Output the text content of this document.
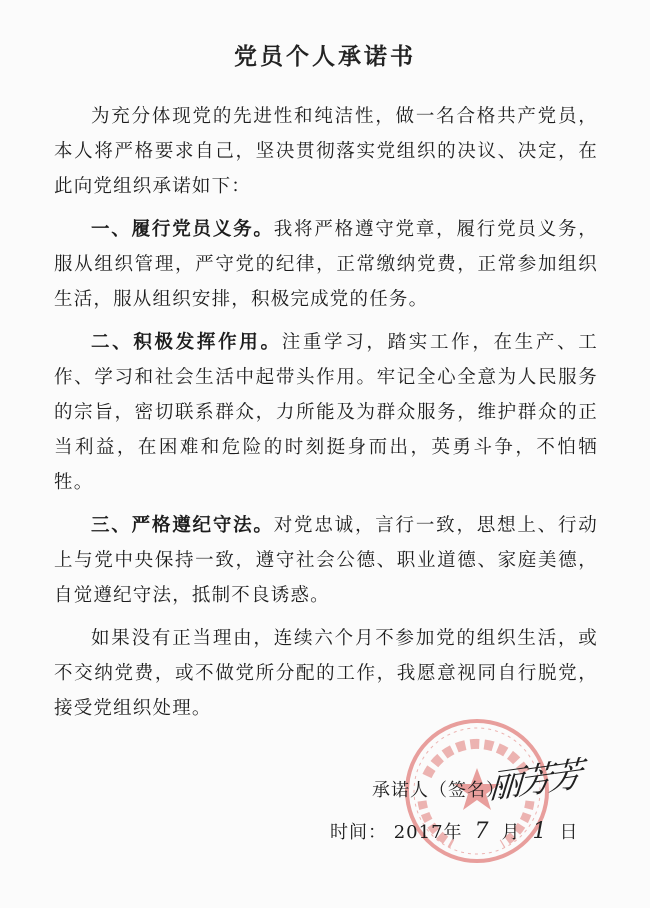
党员个人承诺书

为充分体现党的先进性和纯洁性，做一名合格共产党员，本人将严格要求自己，坚决贯彻落实党组织的决议、决定，在此向党组织承诺如下：

一、履行党员义务。我将严格遵守党章，履行党员义务，服从组织管理，严守党的纪律，正常缴纳党费，正常参加组织生活，服从组织安排，积极完成党的任务。

二、积极发挥作用。注重学习，踏实工作，在生产、工作、学习和社会生活中起带头作用。牢记全心全意为人民服务的宗旨，密切联系群众，力所能及为群众服务，维护群众的正当利益，在困难和危险的时刻挺身而出，英勇斗争，不怕牺牲。

三、严格遵纪守法。对党忠诚，言行一致，思想上、行动上与党中央保持一致，遵守社会公德、职业道德、家庭美德，自觉遵纪守法，抵制不良诱惑。

如果没有正当理由，连续六个月不参加党的组织生活，或不交纳党费，或不做党所分配的工作，我愿意视同自行脱党，接受党组织处理。

承诺人（签名）：
丽芳芳
时间： 2017年 7 月 1 日
